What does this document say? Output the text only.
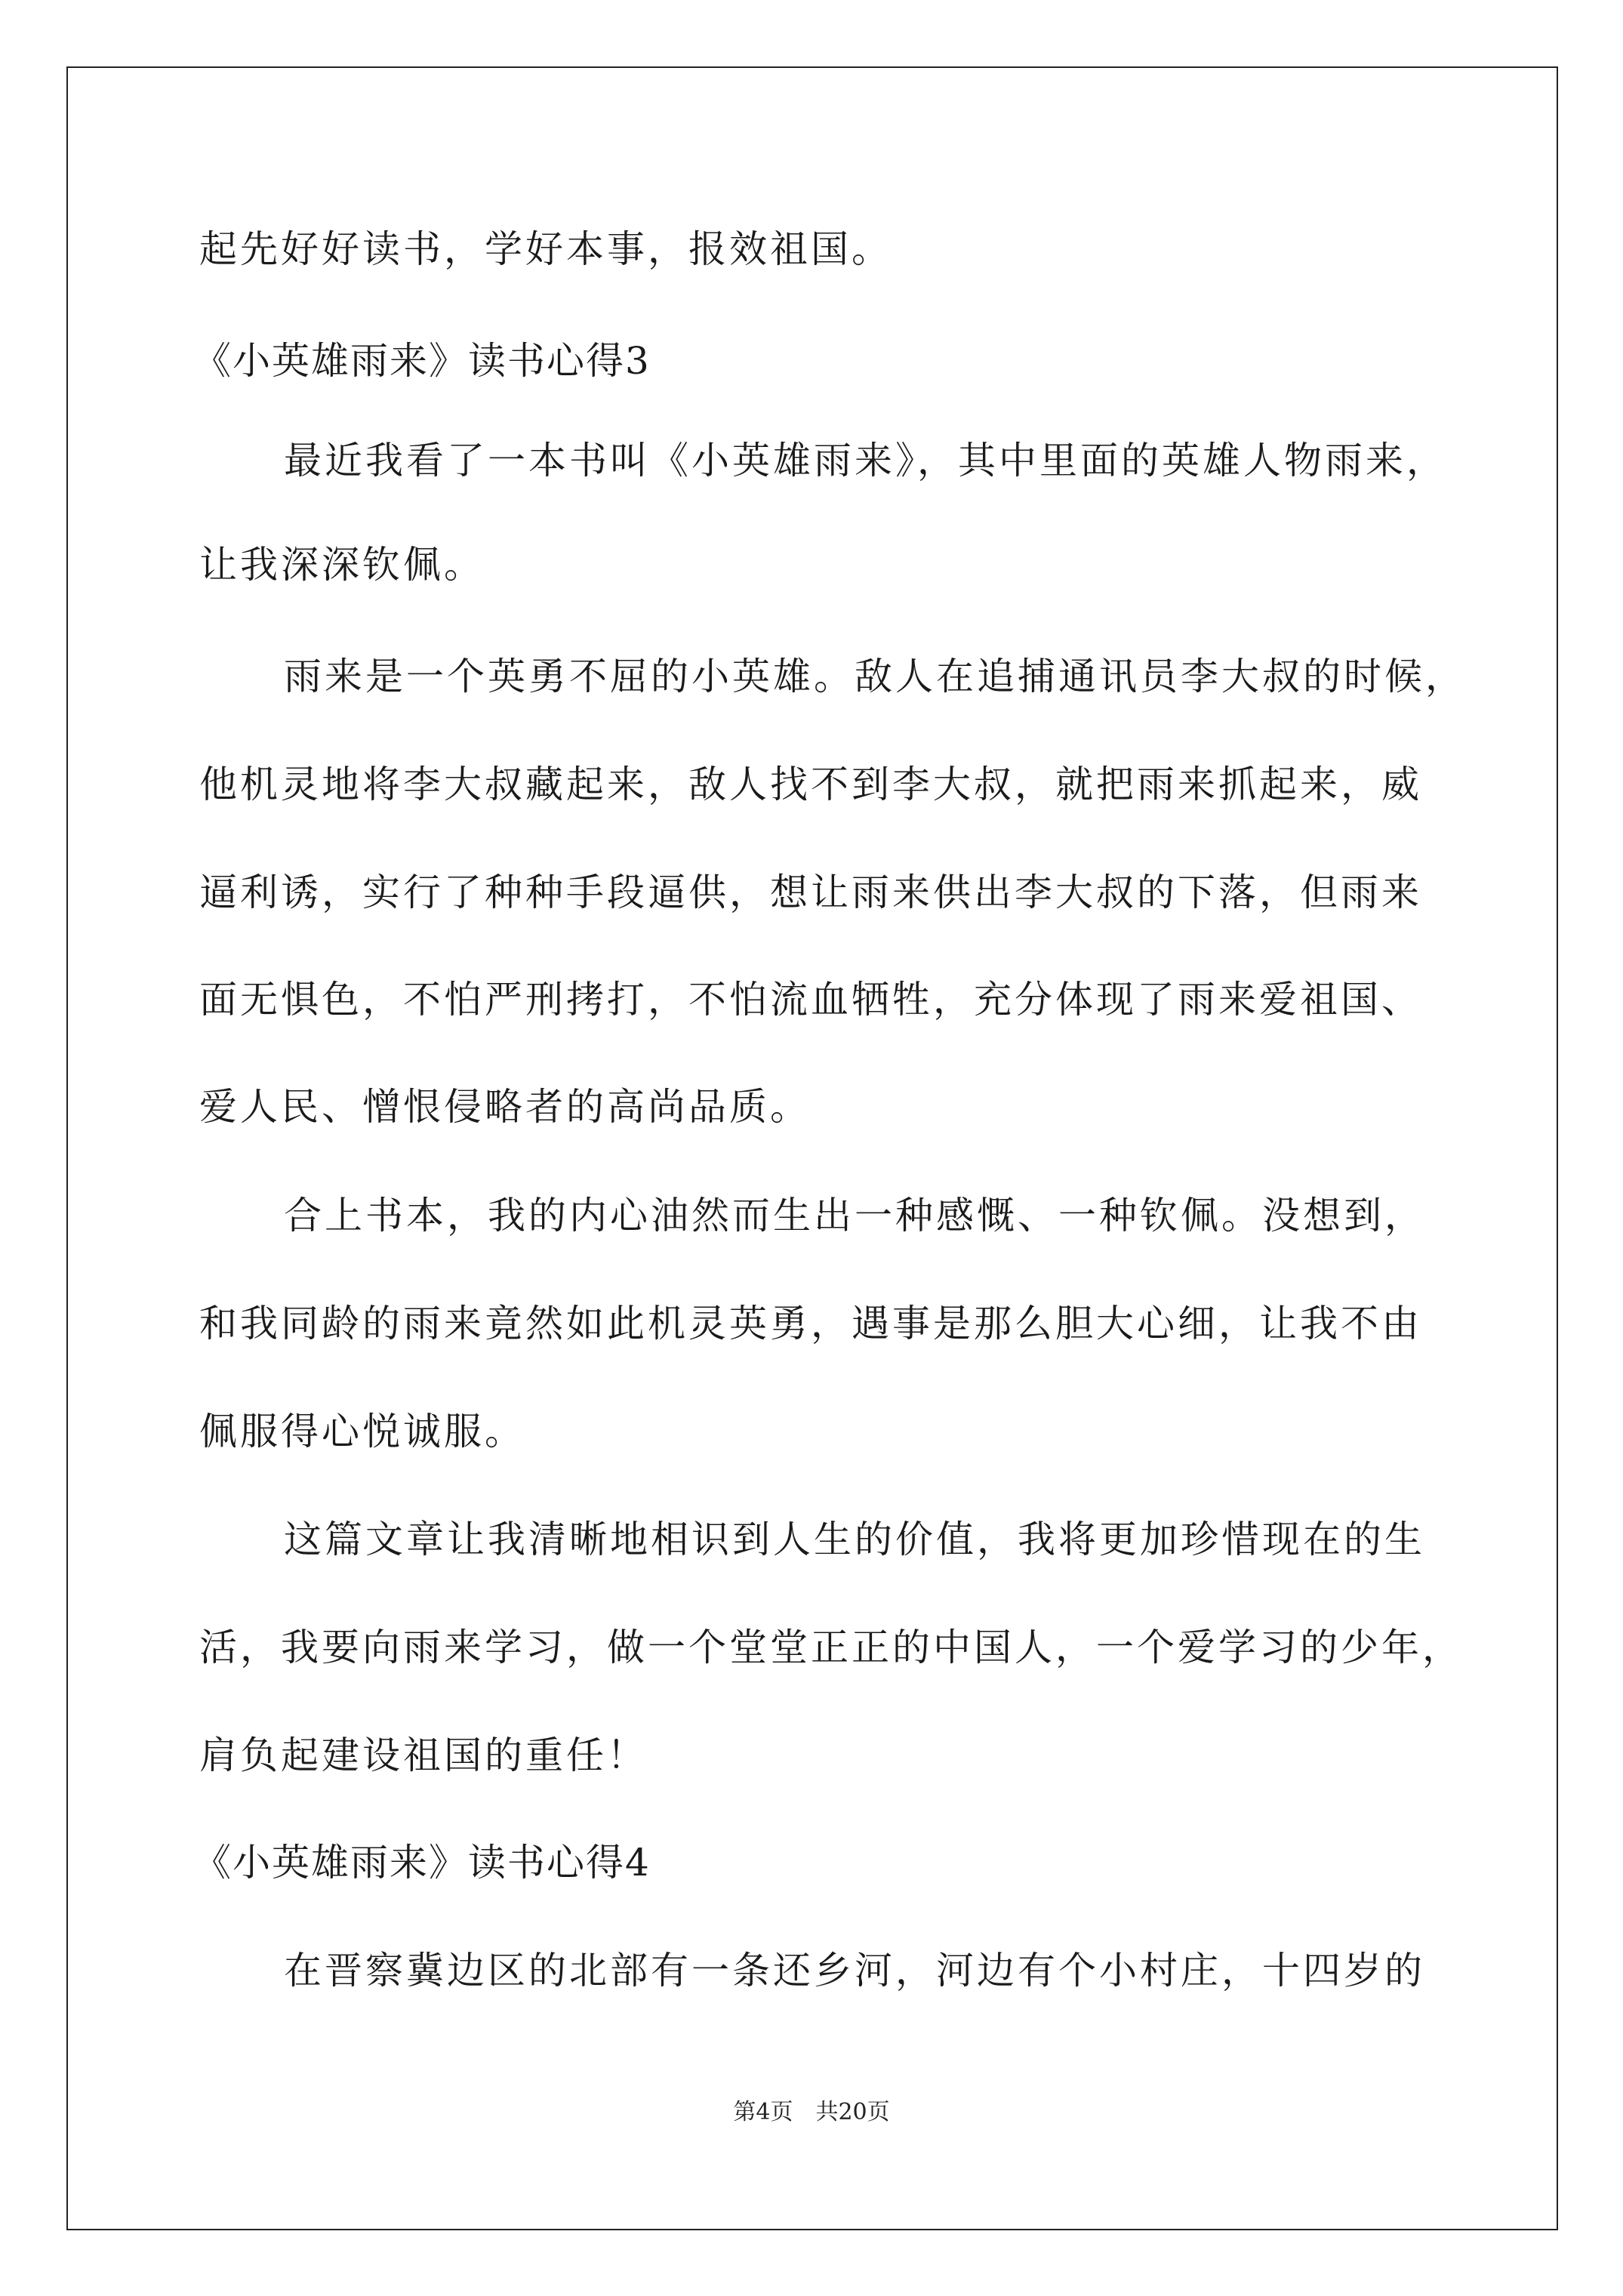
起先好好读书，学好本事，报效祖国。
《小英雄雨来》读书心得3
最近我看了一本书叫《小英雄雨来》，其中里面的英雄人物雨来，
让我深深钦佩。
雨来是一个英勇不屈的小英雄。敌人在追捕通讯员李大叔的时候，
他机灵地将李大叔藏起来，敌人找不到李大叔，就把雨来抓起来，威
逼利诱，实行了种种手段逼供，想让雨来供出李大叔的下落，但雨来
面无惧色，不怕严刑拷打，不怕流血牺牲，充分体现了雨来爱祖国、
爱人民、憎恨侵略者的高尚品质。
合上书本，我的内心油然而生出一种感慨、一种钦佩。没想到，
和我同龄的雨来竟然如此机灵英勇，遇事是那么胆大心细，让我不由
佩服得心悦诚服。
这篇文章让我清晰地相识到人生的价值，我将更加珍惜现在的生
活，我要向雨来学习，做一个堂堂正正的中国人，一个爱学习的少年，
肩负起建设祖国的重任！
《小英雄雨来》读书心得4
在晋察冀边区的北部有一条还乡河，河边有个小村庄，十四岁的
第4页 共20页
